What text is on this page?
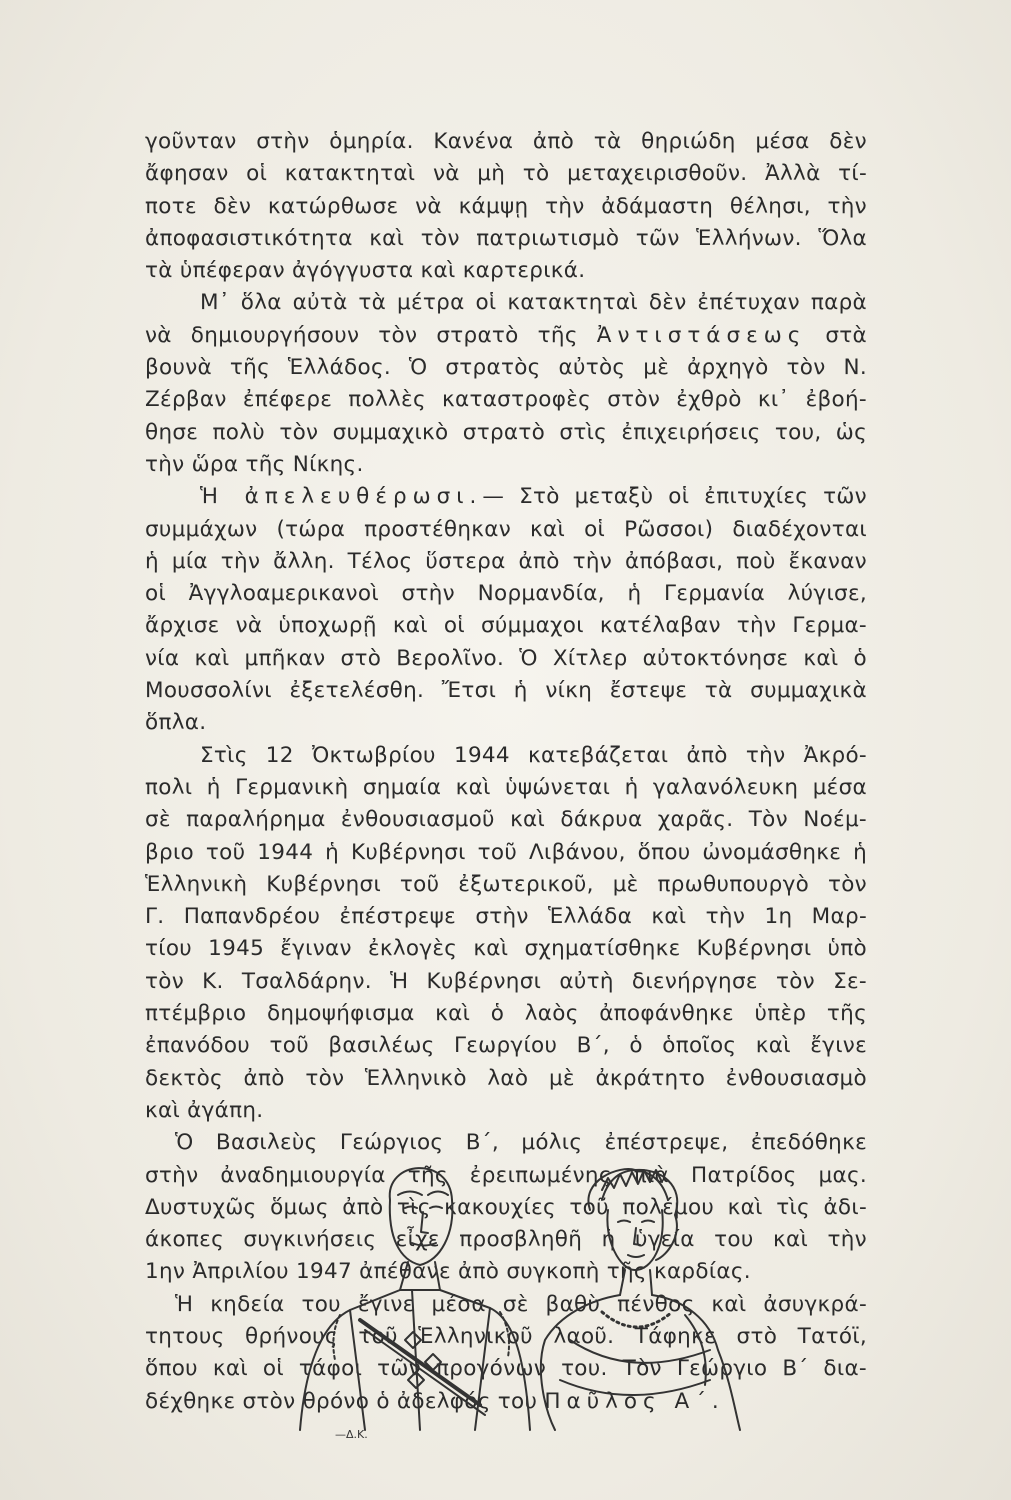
γοῦνταν στὴν ὁμηρία. Κανένα ἀπὸ τὰ θηριώδη μέσα δὲν
ἄφησαν οἱ κατακτηταὶ νὰ μὴ τὸ μεταχειρισθοῦν. Ἀλλὰ τί-
ποτε δὲν κατώρθωσε νὰ κάμψῃ τὴν ἀδάμαστη θέλησι, τὴν
ἀποφασιστικότητα καὶ τὸν πατριωτισμὸ τῶν Ἑλλήνων. Ὅλα
τὰ ὑπέφεραν ἀγόγγυστα καὶ καρτερικά.
Μ᾿ ὅλα αὐτὰ τὰ μέτρα οἱ κατακτηταὶ δὲν ἐπέτυχαν παρὰ
νὰ δημιουργήσουν τὸν στρατὸ τῆς Ἀντιστάσεως στὰ
βουνὰ τῆς Ἑλλάδος. Ὁ στρατὸς αὐτὸς μὲ ἀρχηγὸ τὸν Ν.
Ζέρβαν ἐπέφερε πολλὲς καταστροφὲς στὸν ἐχθρὸ κι᾿ ἐβοή-
θησε πολὺ τὸν συμμαχικὸ στρατὸ στὶς ἐπιχειρήσεις του, ὡς
τὴν ὥρα τῆς Νίκης.
Ἡ ἀπελευθέρωσι.— Στὸ μεταξὺ οἱ ἐπιτυχίες τῶν
συμμάχων (τώρα προστέθηκαν καὶ οἱ Ρῶσσοι) διαδέχονται
ἡ μία τὴν ἄλλη. Τέλος ὕστερα ἀπὸ τὴν ἀπόβασι, ποὺ ἔκαναν
οἱ Ἀγγλοαμερικανοὶ στὴν Νορμανδία, ἡ Γερμανία λύγισε,
ἄρχισε νὰ ὑποχωρῇ καὶ οἱ σύμμαχοι κατέλαβαν τὴν Γερμα-
νία καὶ μπῆκαν στὸ Βερολῖνο. Ὁ Χίτλερ αὐτοκτόνησε καὶ ὁ
Μουσσολίνι ἐξετελέσθη. Ἔτσι ἡ νίκη ἔστεψε τὰ συμμαχικὰ
ὅπλα.
Στὶς 12 Ὀκτωβρίου 1944 κατεβάζεται ἀπὸ τὴν Ἀκρό-
πολι ἡ Γερμανικὴ σημαία καὶ ὑψώνεται ἡ γαλανόλευκη μέσα
σὲ παραλήρημα ἐνθουσιασμοῦ καὶ δάκρυα χαρᾶς. Τὸν Νοέμ-
βριο τοῦ 1944 ἡ Κυβέρνησι τοῦ Λιβάνου, ὅπου ὠνομάσθηκε ἡ
Ἑλληνικὴ Κυβέρνησι τοῦ ἐξωτερικοῦ, μὲ πρωθυπουργὸ τὸν
Γ. Παπανδρέου ἐπέστρεψε στὴν Ἑλλάδα καὶ τὴν 1η Μαρ-
τίου 1945 ἔγιναν ἐκλογὲς καὶ σχηματίσθηκε Κυβέρνησι ὑπὸ
τὸν Κ. Τσαλδάρην. Ἡ Κυβέρνησι αὐτὴ διενήργησε τὸν Σε-
πτέμβριο δημοψήφισμα καὶ ὁ λαὸς ἀποφάνθηκε ὑπὲρ τῆς
ἐπανόδου τοῦ βασιλέως Γεωργίου Β΄, ὁ ὁποῖος καὶ ἔγινε
δεκτὸς ἀπὸ τὸν Ἑλληνικὸ λαὸ μὲ ἀκράτητο ἐνθουσιασμὸ
καὶ ἀγάπη.
Ὁ Βασιλεὺς Γεώργιος Β΄, μόλις ἐπέστρεψε, ἐπεδόθηκε
στὴν ἀναδημιουργία τῆς ἐρειπωμένης πιὰ Πατρίδος μας.
Δυστυχῶς ὅμως ἀπὸ τὶς κακουχίες τοῦ πολέμου καὶ τὶς ἀδι-
άκοπες συγκινήσεις εἶχε προσβληθῆ ἡ ὑγεία του καὶ τὴν
1ην Ἀπριλίου 1947 ἀπέθανε ἀπὸ συγκοπὴ τῆς καρδίας.
Ἡ κηδεία του ἔγινε μέσα σὲ βαθὺ πένθος καὶ ἀσυγκρά-
τητους θρήνους τοῦ Ἑλληνικοῦ λαοῦ. Τάφηκε στὸ Τατόϊ,
ὅπου καὶ οἱ τάφοι τῶν προγόνων του. Τὸν Γεώργιο Β΄ δια-
δέχθηκε στὸν θρόνο ὁ ἀδελφός του Παῦλος Α΄.
—Δ.Κ.
